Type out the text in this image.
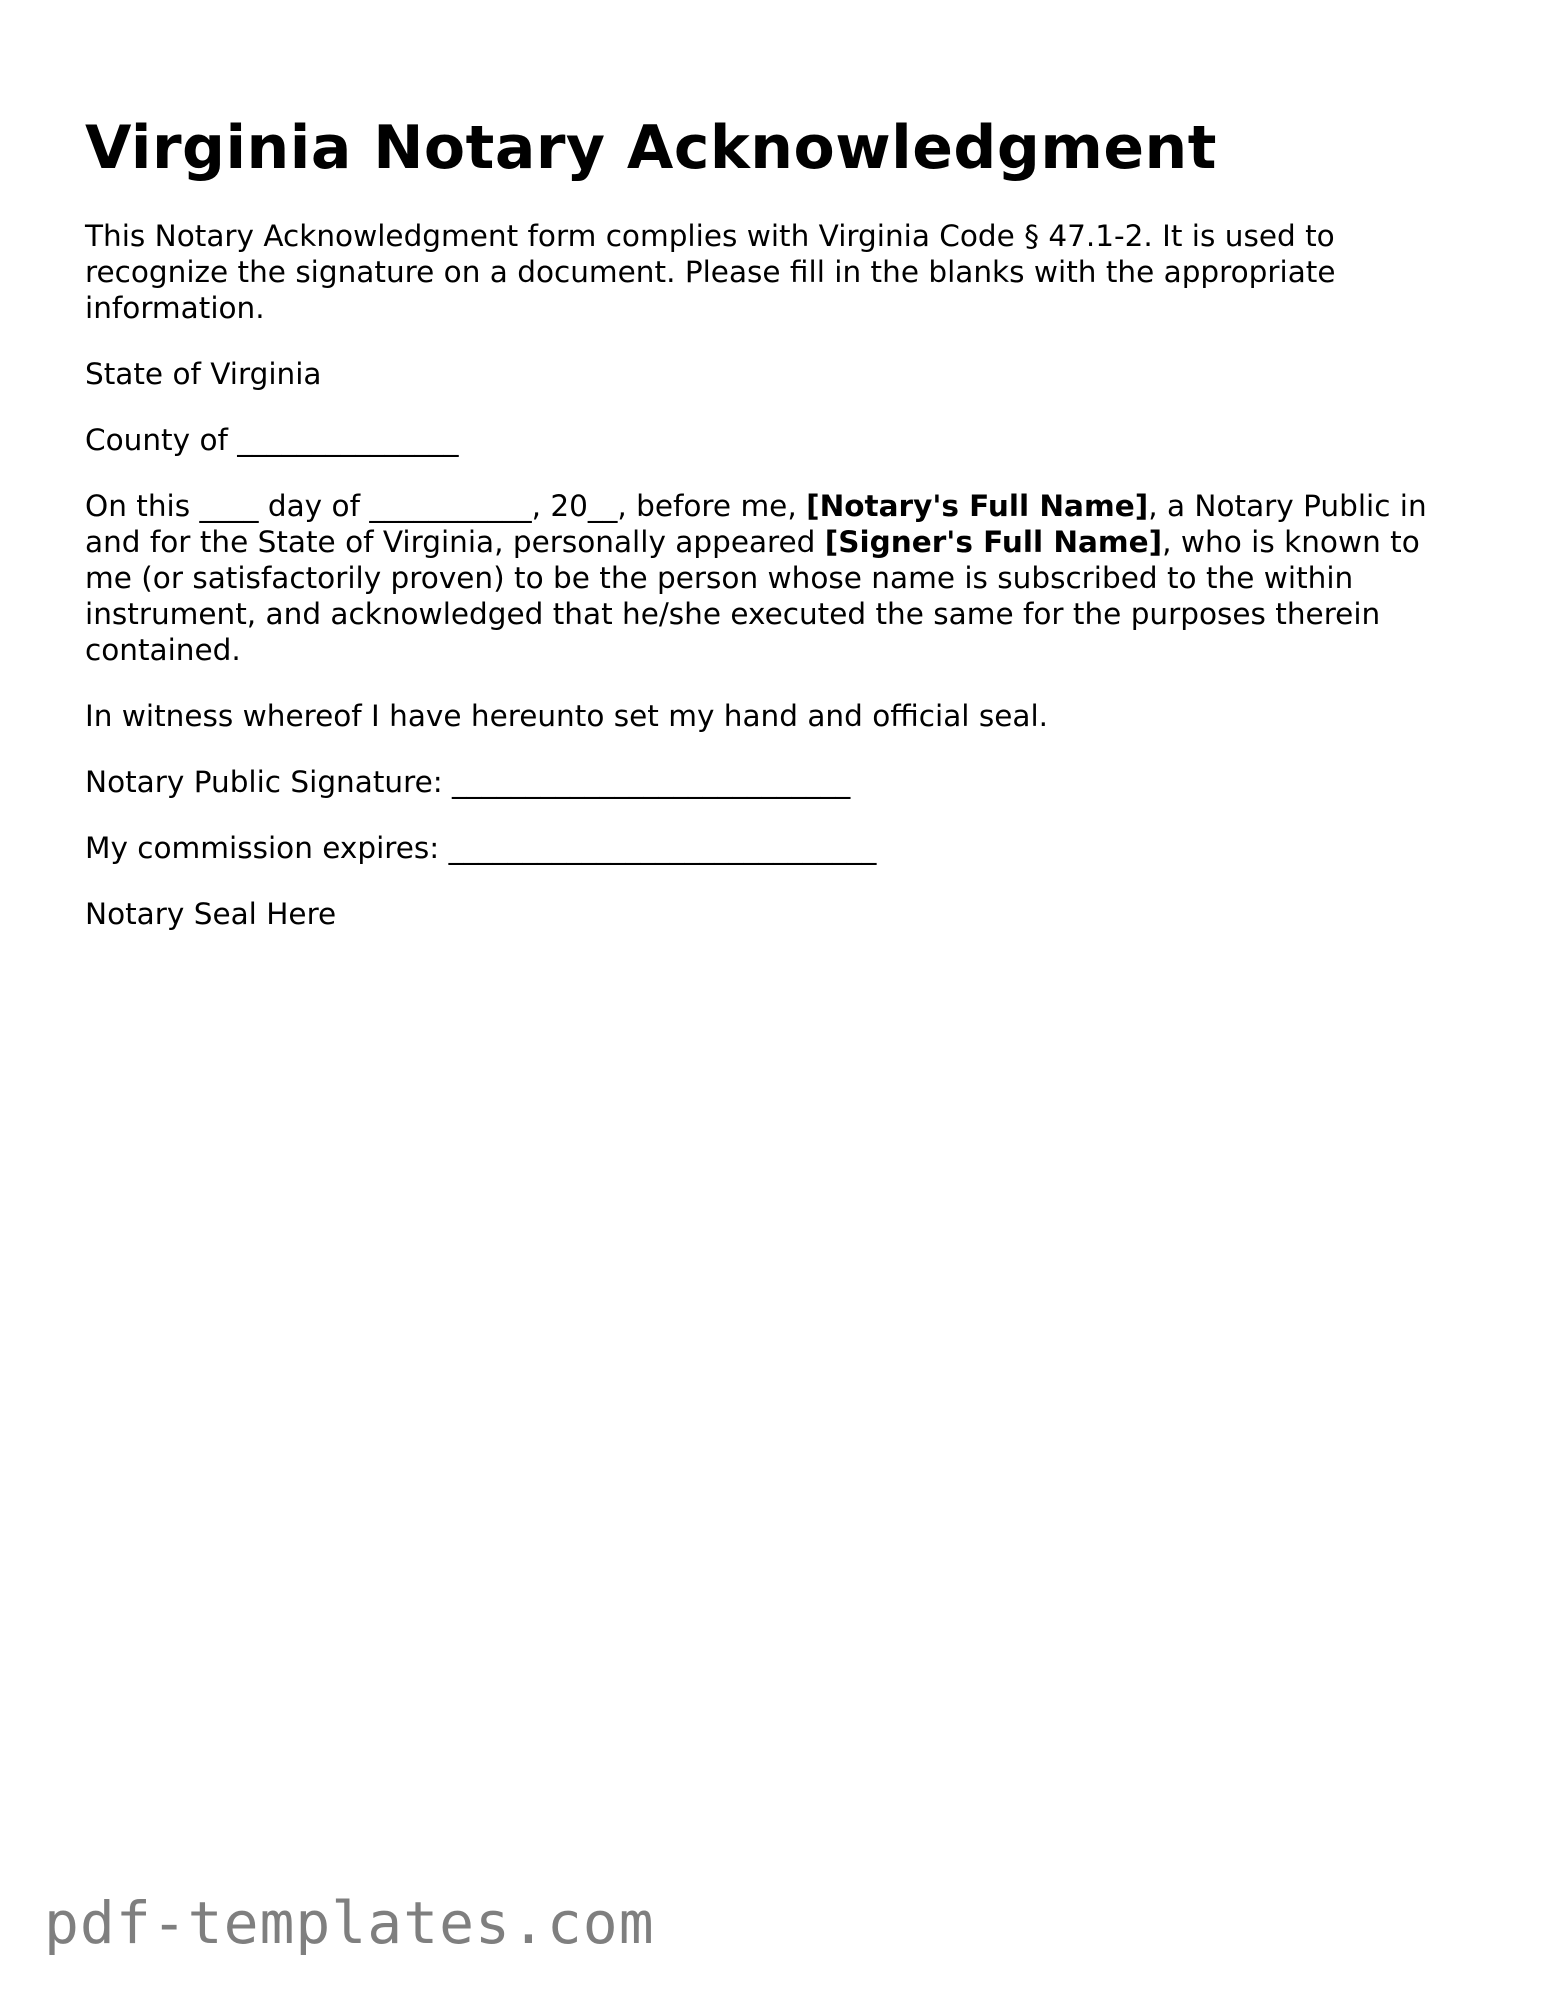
Virginia Notary Acknowledgment

This Notary Acknowledgment form complies with Virginia Code § 47.1-2. It is used to recognize the signature on a document. Please fill in the blanks with the appropriate information.

State of Virginia

County of _______________

On this ____ day of ___________, 20__, before me, [Notary's Full Name], a Notary Public in and for the State of Virginia, personally appeared [Signer's Full Name], who is known to me (or satisfactorily proven) to be the person whose name is subscribed to the within instrument, and acknowledged that he/she executed the same for the purposes therein contained.

In witness whereof I have hereunto set my hand and official seal.

Notary Public Signature: ___________________________

My commission expires: _____________________________

Notary Seal Here

pdf-templates.com
